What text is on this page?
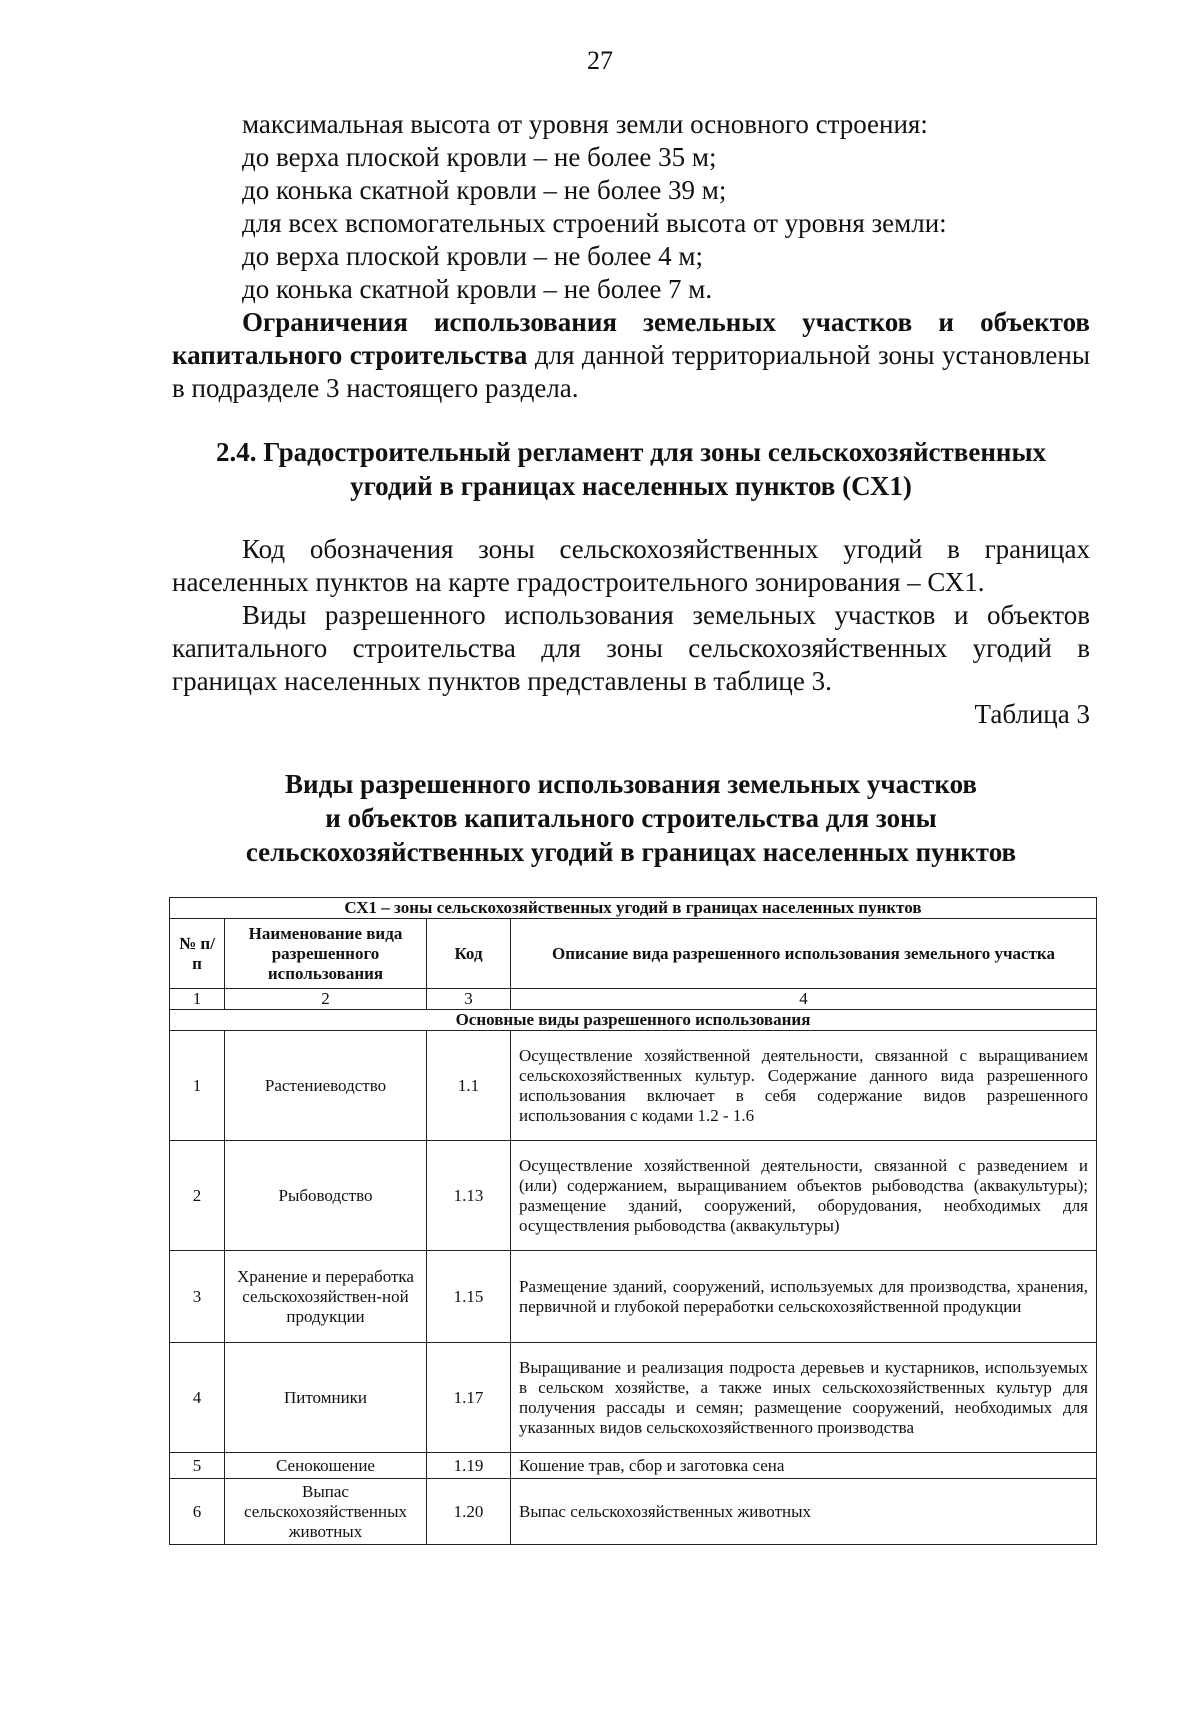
27

максимальная высота от уровня земли основного строения:

до верха плоской кровли – не более 35 м;

до конька скатной кровли – не более 39 м;

для всех вспомогательных строений высота от уровня земли:

до верха плоской кровли – не более 4 м;

до конька скатной кровли – не более 7 м.

Ограничения использования земельных участков и объектов капитального строительства для данной территориальной зоны установлены в подразделе 3 настоящего раздела.

2.4. Градостроительный регламент для зоны сельскохозяйственных

угодий в границах населенных пунктов (СХ1)

Код обозначения зоны сельскохозяйственных угодий в границах населенных пунктов на карте градостроительного зонирования – СХ1.

Виды разрешенного использования земельных участков и объектов капитального строительства для зоны сельскохозяйственных угодий в границах населенных пунктов представлены в таблице 3.

Таблица 3

Виды разрешенного использования земельных участков

и объектов капитального строительства для зоны

сельскохозяйственных угодий в границах населенных пунктов

СХ1 – зоны сельскохозяйственных угодий в границах населенных пунктов			
№ п/п	Наименование вида разрешенного использования	Код	Описание вида разрешенного использования земельного участка
1	2	3	4
Основные виды разрешенного использования			
1	Растениеводство	1.1	Осуществление хозяйственной деятельности, связанной с выращиванием сельскохозяйственных культур. Содержание данного вида разрешенного использования включает в себя содержание видов разрешенного использования с кодами 1.2 - 1.6
2	Рыбоводство	1.13	Осуществление хозяйственной деятельности, связанной с разведением и (или) содержанием, выращиванием объектов рыбоводства (аквакультуры); размещение зданий, сооружений, оборудования, необходимых для осуществления рыбоводства (аквакультуры)
3	Хранение и переработка сельскохозяйствен-ной продукции	1.15	Размещение зданий, сооружений, используемых для производства, хранения, первичной и глубокой переработки сельскохозяйственной продукции
4	Питомники	1.17	Выращивание и реализация подроста деревьев и кустарников, используемых в сельском хозяйстве, а также иных сельскохозяйственных культур для получения рассады и семян; размещение сооружений, необходимых для указанных видов сельскохозяйственного производства
5	Сенокошение	1.19	Кошение трав, сбор и заготовка сена
6	Выпас сельскохозяйственных животных	1.20	Выпас сельскохозяйственных животных
